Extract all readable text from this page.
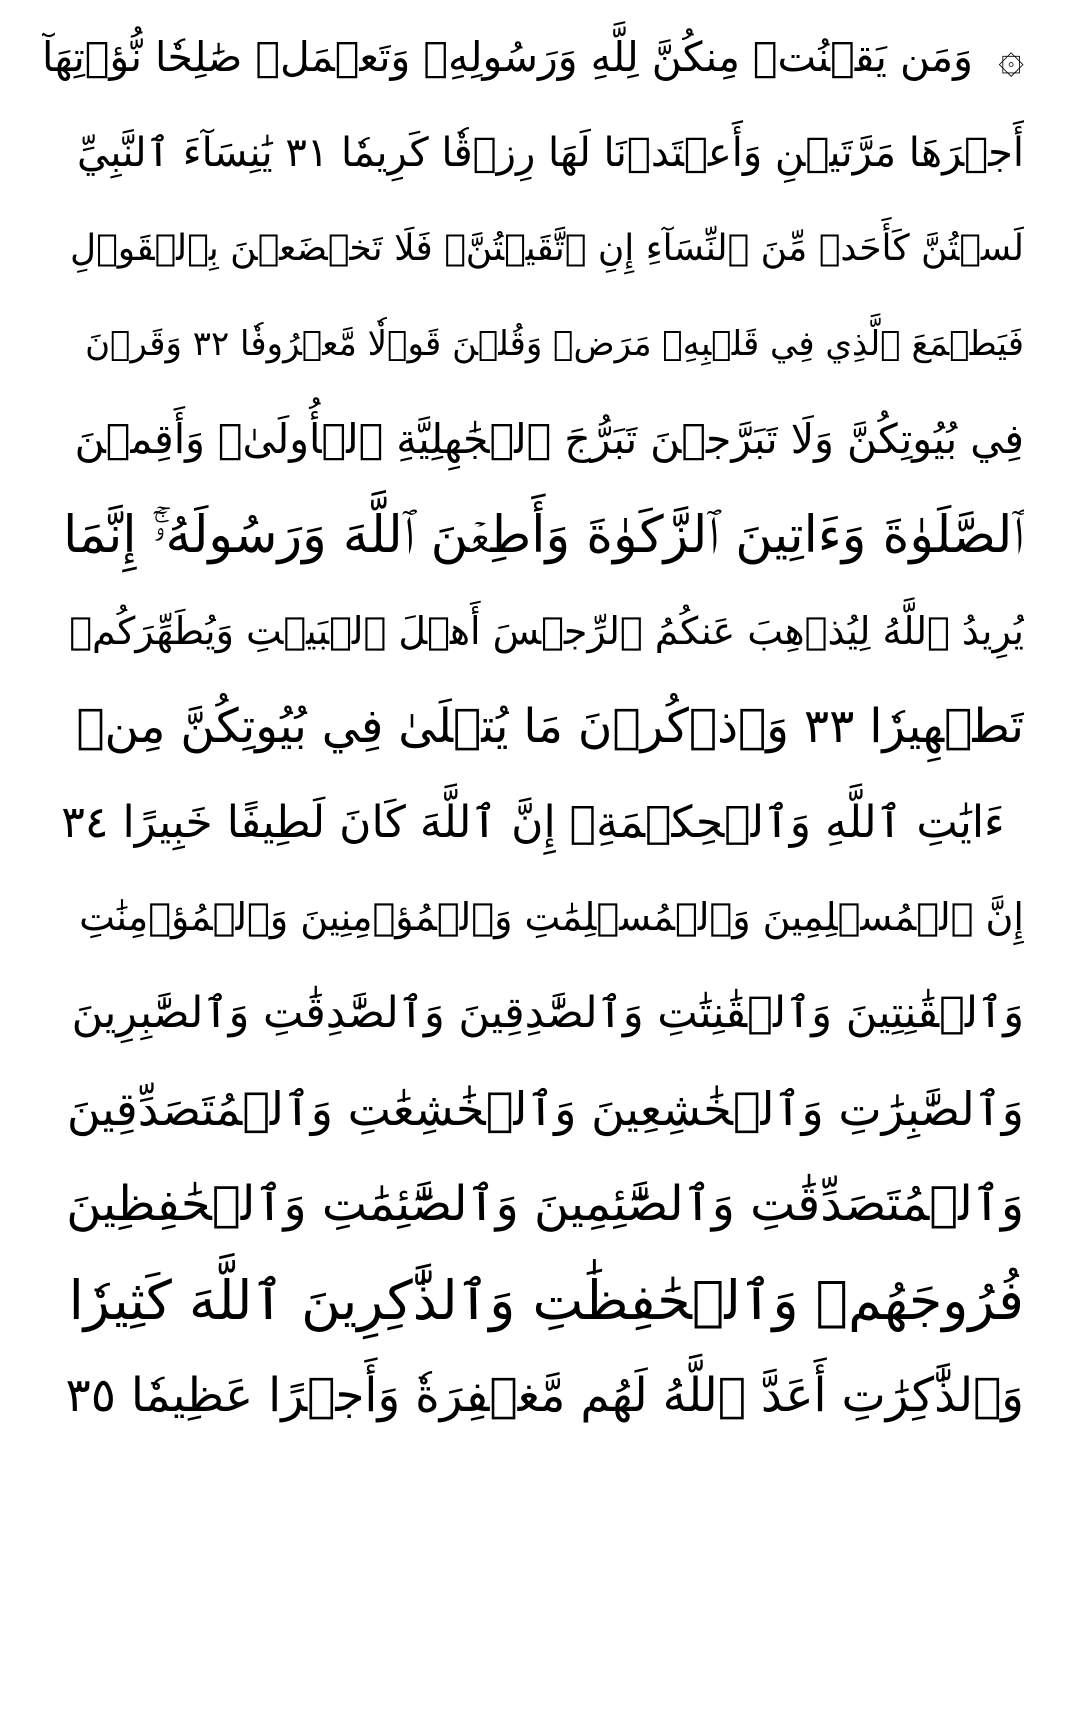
۞
وَمَن يَقۡنُتۡ مِنكُنَّ لِلَّهِ وَرَسُولِهِۦ وَتَعۡمَلۡ صَٰلِحٗا نُّؤۡتِهَآ
أَجۡرَهَا مَرَّتَيۡنِ وَأَعۡتَدۡنَا لَهَا رِزۡقٗا كَرِيمٗا ٣١ يَٰنِسَآءَ ٱلنَّبِيِّ
لَسۡتُنَّ كَأَحَدٖ مِّنَ ٱلنِّسَآءِ إِنِ ٱتَّقَيۡتُنَّۚ فَلَا تَخۡضَعۡنَ بِٱلۡقَوۡلِ
فَيَطۡمَعَ ٱلَّذِي فِي قَلۡبِهِۦ مَرَضٞ وَقُلۡنَ قَوۡلٗا مَّعۡرُوفٗا ٣٢ وَقَرۡنَ
فِي بُيُوتِكُنَّ وَلَا تَبَرَّجۡنَ تَبَرُّجَ ٱلۡجَٰهِلِيَّةِ ٱلۡأُولَىٰۖ وَأَقِمۡنَ
ٱلصَّلَوٰةَ وَءَاتِينَ ٱلزَّكَوٰةَ وَأَطِعۡنَ ٱللَّهَ وَرَسُولَهُۥٓۚ إِنَّمَا
يُرِيدُ ٱللَّهُ لِيُذۡهِبَ عَنكُمُ ٱلرِّجۡسَ أَهۡلَ ٱلۡبَيۡتِ وَيُطَهِّرَكُمۡ
تَطۡهِيرٗا ٣٣ وَٱذۡكُرۡنَ مَا يُتۡلَىٰ فِي بُيُوتِكُنَّ مِنۡ
ءَايَٰتِ ٱللَّهِ وَٱلۡحِكۡمَةِۚ إِنَّ ٱللَّهَ كَانَ لَطِيفًا خَبِيرًا ٣٤
إِنَّ ٱلۡمُسۡلِمِينَ وَٱلۡمُسۡلِمَٰتِ وَٱلۡمُؤۡمِنِينَ وَٱلۡمُؤۡمِنَٰتِ
وَٱلۡقَٰنِتِينَ وَٱلۡقَٰنِتَٰتِ وَٱلصَّٰدِقِينَ وَٱلصَّٰدِقَٰتِ وَٱلصَّٰبِرِينَ
وَٱلصَّٰبِرَٰتِ وَٱلۡخَٰشِعِينَ وَٱلۡخَٰشِعَٰتِ وَٱلۡمُتَصَدِّقِينَ
وَٱلۡمُتَصَدِّقَٰتِ وَٱلصَّٰٓئِمِينَ وَٱلصَّٰٓئِمَٰتِ وَٱلۡحَٰفِظِينَ
فُرُوجَهُمۡ وَٱلۡحَٰفِظَٰتِ وَٱلذَّٰكِرِينَ ٱللَّهَ كَثِيرٗا
وَٱلذَّٰكِرَٰتِ أَعَدَّ ٱللَّهُ لَهُم مَّغۡفِرَةٗ وَأَجۡرًا عَظِيمٗا ٣٥
